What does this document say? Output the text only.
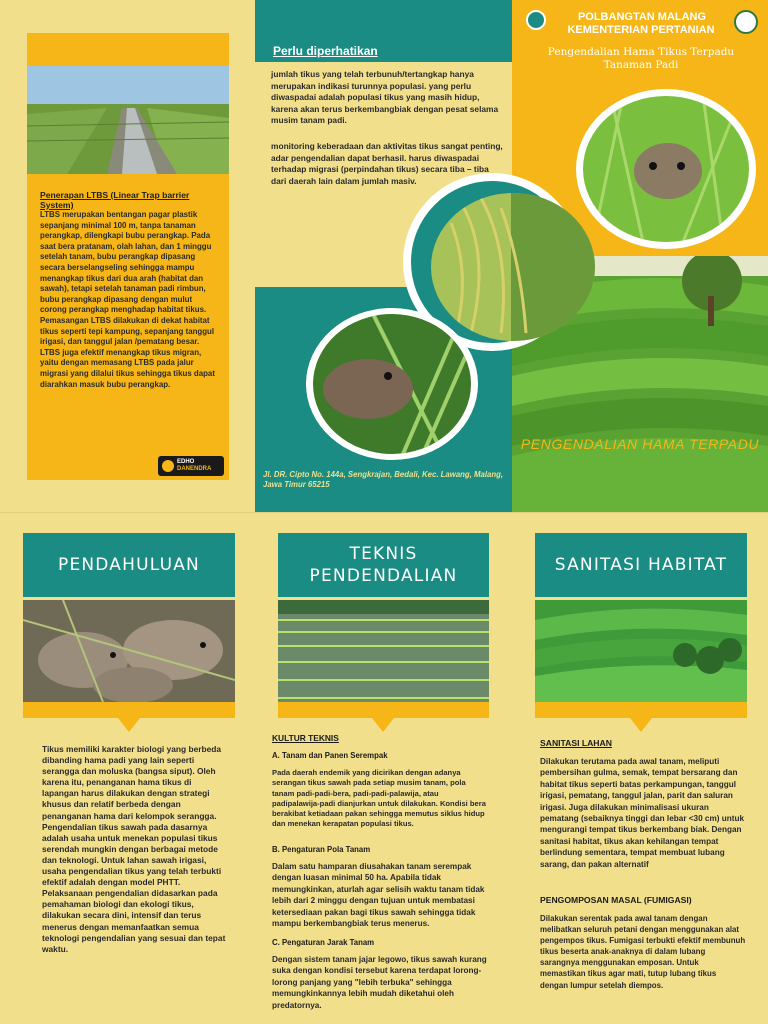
Penerapan LTBS (Linear Trap barrier System)
LTBS merupakan bentangan pagar plastik sepanjang minimal 100 m, tanpa tanaman perangkap, dilengkapi bubu perangkap. Pada saat bera pratanam, olah lahan, dan 1 minggu setelah tanam, bubu perangkap dipasang secara berselangseling sehingga mampu menangkap tikus dari dua arah (habitat dan sawah), tetapi setelah tanaman padi rimbun, bubu perangkap dipasang dengan mulut corong perangkap menghadap habitat tikus. Pemasangan LTBS dilakukan di dekat habitat tikus seperti tepi kampung, sepanjang tanggul irigasi, dan tanggul jalan /pematang besar. LTBS juga efektif menangkap tikus migran, yaitu dengan memasang LTBS pada jalur migrasi yang dilalui tikus sehingga tikus dapat diarahkan masuk bubu perangkap.
EDHO
DANENDRA
Perlu diperhatikan
jumlah tikus yang telah terbunuh/tertangkap hanya merupakan indikasi turunnya populasi. yang perlu diwaspadai adalah populasi tikus yang masih hidup, karena akan terus berkembangbiak dengan pesat selama musim tanam padi.
monitoring keberadaan dan aktivitas tikus sangat penting, adar pengendalian dapat berhasil. harus diwaspadai terhadap migrasi (perpindahan tikus) secara tiba – tiba dari daerah lain dalam jumlah masiv.
Jl. DR. Cipto No. 144a, Sengkrajan, Bedali, Kec. Lawang, Malang, Jawa Timur 65215
POLBANGTAN MALANG
KEMENTERIAN PERTANIAN
Pengendalian Hama Tikus Terpadu Tanaman Padi
PENGENDALIAN HAMA TERPADU
PENDAHULUAN
Tikus memiliki karakter biologi yang berbeda dibanding hama padi yang lain seperti serangga dan moluska (bangsa siput). Oleh karena itu, penanganan hama tikus di lapangan harus dilakukan dengan strategi khusus dan relatif berbeda dengan penanganan hama dari kelompok serangga.
Pengendalian tikus sawah pada dasarnya adalah usaha untuk menekan populasi tikus serendah mungkin dengan berbagai metode dan teknologi. Untuk lahan sawah irigasi, usaha pengendalian tikus yang telah terbukti efektif adalah dengan model PHTT. Pelaksanaan pengendalian didasarkan pada pemahaman biologi dan ekologi tikus, dilakukan secara dini, intensif dan terus menerus dengan memanfaatkan semua teknologi pengendalian yang sesuai dan tepat waktu.
TEKNIS
PENDENDALIAN
KULTUR TEKNIS
A. Tanam dan Panen Serempak
Pada daerah endemik yang dicirikan dengan adanya serangan tikus sawah pada setiap musim tanam, pola tanam padi-padi-bera, padi-padi-palawija, atau padipalawija-padi dianjurkan untuk dilakukan. Kondisi bera berakibat ketiadaan pakan sehingga memutus siklus hidup dan menekan kerapatan populasi tikus.
B. Pengaturan Pola Tanam
Dalam satu hamparan diusahakan tanam serempak dengan luasan minimal 50 ha. Apabila tidak memungkinkan, aturlah agar selisih waktu tanam tidak lebih dari 2 minggu dengan tujuan untuk membatasi ketersediaan pakan bagi tikus sawah sehingga tidak mampu berkembangbiak terus menerus.
C. Pengaturan Jarak Tanam
Dengan sistem tanam jajar legowo, tikus sawah kurang suka dengan kondisi tersebut karena terdapat lorong-lorong panjang yang "lebih terbuka" sehingga memungkinkannya lebih mudah diketahui oleh predatornya.
SANITASI HABITAT
SANITASI LAHAN
Dilakukan terutama pada awal tanam, meliputi pembersihan gulma, semak, tempat bersarang dan habitat tikus seperti batas perkampungan, tanggul irigasi, pematang, tanggul jalan, parit dan saluran irigasi. Juga dilakukan minimalisasi ukuran pematang (sebaiknya tinggi dan lebar <30 cm) untuk mengurangi tempat tikus berkembang biak. Dengan sanitasi habitat, tikus akan kehilangan tempat berlindung sementara, tempat membuat lubang sarang, dan pakan alternatif
PENGOMPOSAN MASAL (FUMIGASI)
Dilakukan serentak pada awal tanam dengan melibatkan seluruh petani dengan menggunakan alat pengempos tikus. Fumigasi terbukti efektif membunuh tikus beserta anak-anaknya di dalam lubang sarangnya menggunakan emposan. Untuk memastikan tikus agar mati, tutup lubang tikus dengan lumpur setelah diempos.
